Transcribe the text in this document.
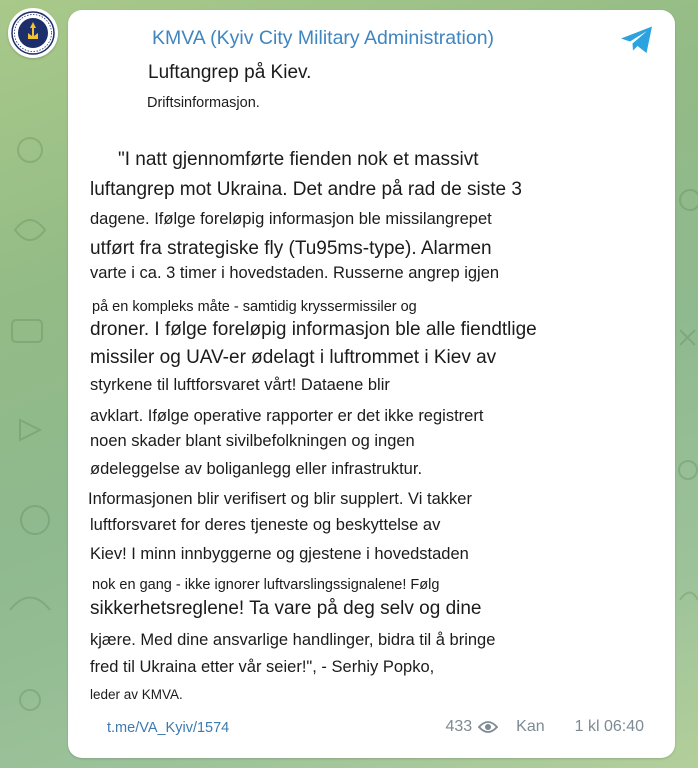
KMVA (Kyiv City Military Administration)
Luftangrep på Kiev.
Driftsinformasjon.
"I natt gjennomførte fienden nok et massivt
luftangrep mot Ukraina. Det andre på rad de siste 3
dagene. Ifølge foreløpig informasjon ble missilangrepet
utført fra strategiske fly (Tu95ms-type). Alarmen
varte i ca. 3 timer i hovedstaden. Russerne angrep igjen
på en kompleks måte - samtidig kryssermissiler og
droner. I følge foreløpig informasjon ble alle fiendtlige
missiler og UAV-er ødelagt i luftrommet i Kiev av
styrkene til luftforsvaret vårt! Dataene blir
avklart. Ifølge operative rapporter er det ikke registrert
noen skader blant sivilbefolkningen og ingen
ødeleggelse av boliganlegg eller infrastruktur.
Informasjonen blir verifisert og blir supplert. Vi takker
luftforsvaret for deres tjeneste og beskyttelse av
Kiev! I minn innbyggerne og gjestene i hovedstaden
nok en gang - ikke ignorer luftvarslingssignalene! Følg
sikkerhetsreglene! Ta vare på deg selv og dine
kjære. Med dine ansvarlige handlinger, bidra til å bringe
fred til Ukraina etter vår seier!", - Serhiy Popko,
leder av KMVA.
t.me/VA_Kyiv/1574	433	Kan 1 kl 06:40
